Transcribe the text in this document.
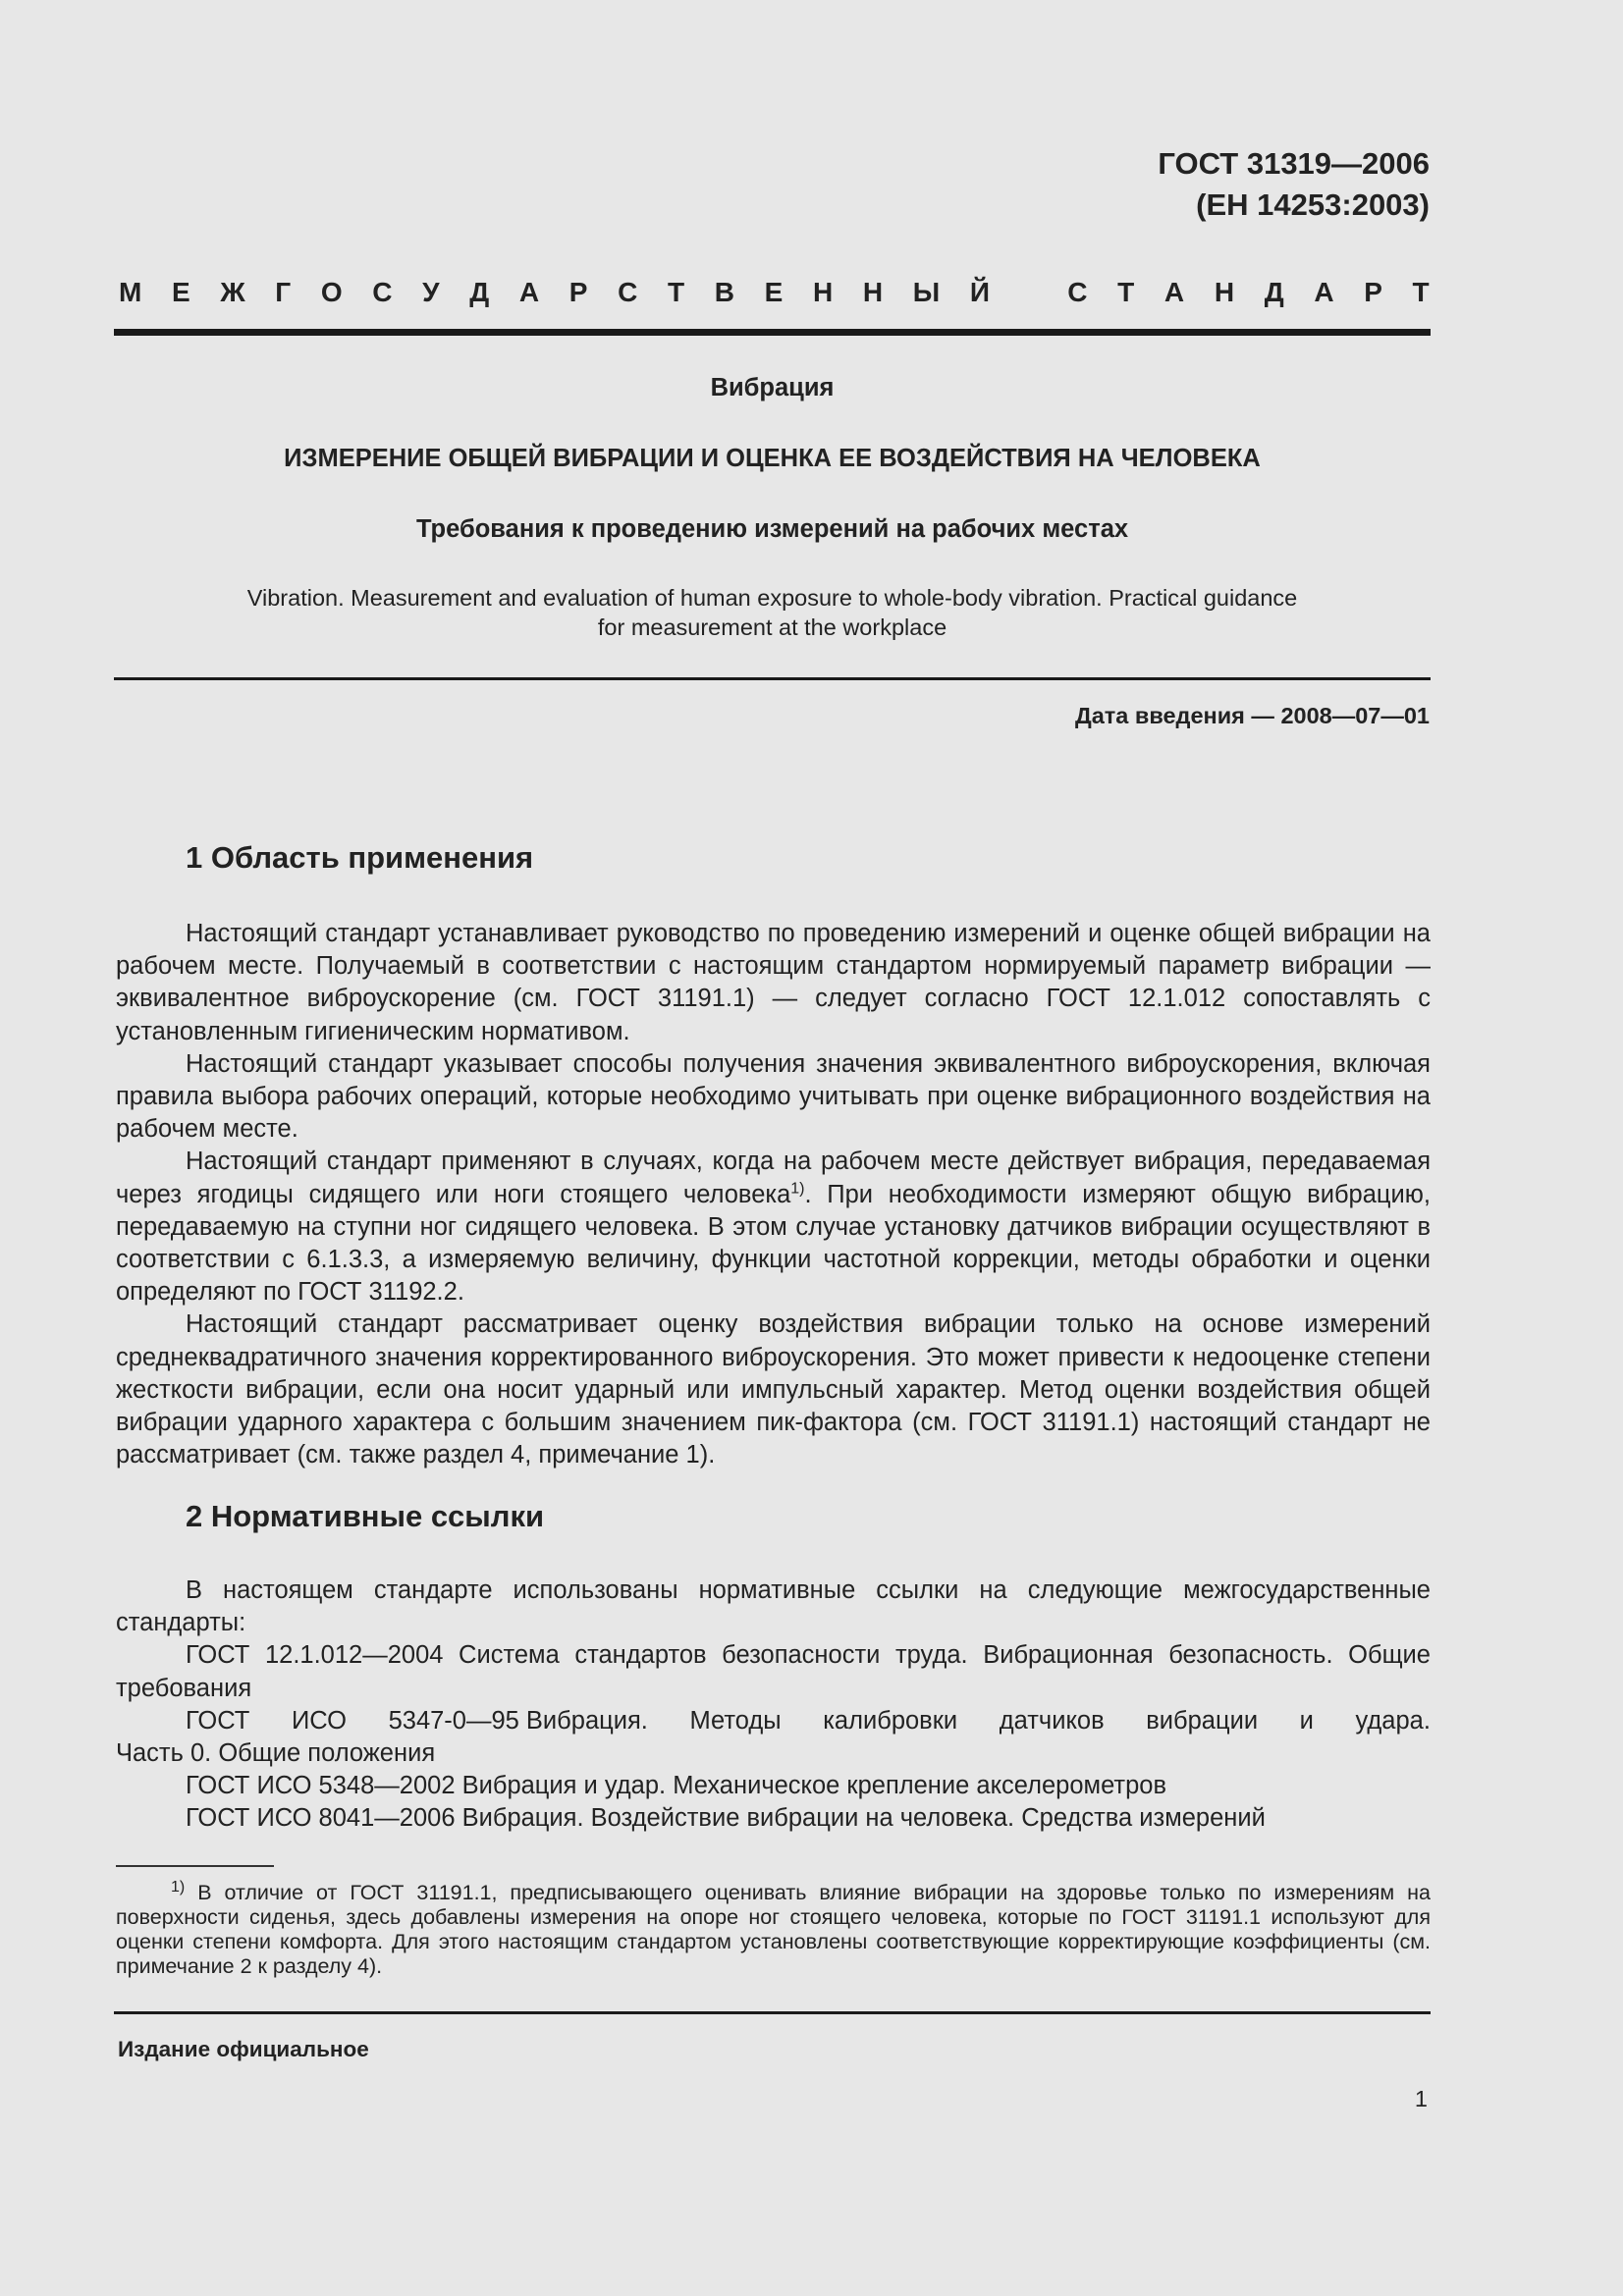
ГОСТ 31319—2006
(ЕН 14253:2003)
М Е Ж Г О С У Д А Р С Т В Е Н Н Ы Й	С Т А Н Д А Р Т
Вибрация
ИЗМЕРЕНИЕ ОБЩЕЙ ВИБРАЦИИ И ОЦЕНКА ЕЕ ВОЗДЕЙСТВИЯ НА ЧЕЛОВЕКА
Требования к проведению измерений на рабочих местах
Vibration. Measurement and evaluation of human exposure to whole-body vibration. Practical guidance
for measurement at the workplace
Дата введения — 2008—07—01
1 Область применения

Настоящий стандарт устанавливает руководство по проведению измерений и оценке общей вибрации на рабочем месте. Получаемый в соответствии с настоящим стандартом нормируемый параметр вибрации — эквивалентное виброускорение (см. ГОСТ 31191.1) — следует согласно ГОСТ 12.1.012 сопоставлять с установленным гигиеническим нормативом.

Настоящий стандарт указывает способы получения значения эквивалентного виброускорения, включая правила выбора рабочих операций, которые необходимо учитывать при оценке вибрационного воздействия на рабочем месте.

Настоящий стандарт применяют в случаях, когда на рабочем месте действует вибрация, передаваемая через ягодицы сидящего или ноги стоящего человека$^{1)}$. При необходимости измеряют общую вибрацию, передаваемую на ступни ног сидящего человека. В этом случае установку датчиков вибрации осуществляют в соответствии с 6.1.3.3, а измеряемую величину, функции частотной коррекции, методы обработки и оценки определяют по ГОСТ 31192.2.

Настоящий стандарт рассматривает оценку воздействия вибрации только на основе измерений среднеквадратичного значения корректированного виброускорения. Это может привести к недооценке степени жесткости вибрации, если она носит ударный или импульсный характер. Метод оценки воздействия общей вибрации ударного характера с большим значением пик-фактора (см. ГОСТ 31191.1) настоящий стандарт не рассматривает (см. также раздел 4, примечание 1).

2 Нормативные ссылки

В настоящем стандарте использованы нормативные ссылки на следующие межгосударственные стандарты:

ГОСТ 12.1.012—2004 Система стандартов безопасности труда. Вибрационная безопасность. Общие требования

ГОСТ ИСО 5347-0—95 Вибрация. Методы калибровки датчиков вибрации и удара.

Часть 0. Общие положения

ГОСТ ИСО 5348—2002 Вибрация и удар. Механическое крепление акселерометров

ГОСТ ИСО 8041—2006 Вибрация. Воздействие вибрации на человека. Средства измерений

$^{1)}$ В отличие от ГОСТ 31191.1, предписывающего оценивать влияние вибрации на здоровье только по измерениям на поверхности сиденья, здесь добавлены измерения на опоре ног стоящего человека, которые по ГОСТ 31191.1 используют для оценки степени комфорта. Для этого настоящим стандартом установлены соответствующие корректирующие коэффициенты (см. примечание 2 к разделу 4).

Издание официальное
1
